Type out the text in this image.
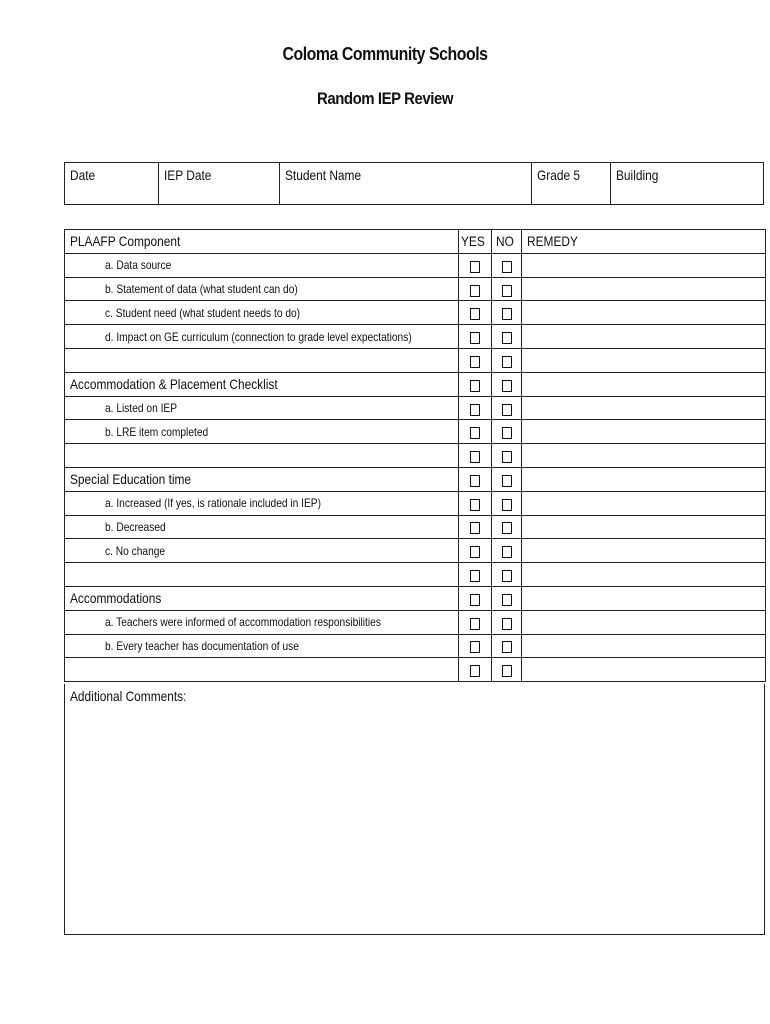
Coloma Community Schools
Random IEP Review
Date	IEP Date	Student Name	Grade 5	Building
PLAAFP Component	YES	NO	REMEDY
a. Data source			
b. Statement of data (what student can do)			
c. Student need (what student needs to do)			
d. Impact on GE curriculum (connection to grade level expectations)			

Accommodation & Placement Checklist			
a. Listed on IEP			
b. LRE item completed			

Special Education time			
a. Increased (If yes, is rationale included in IEP)			
b. Decreased			
c. No change			

Accommodations			
a. Teachers were informed of accommodation responsibilities			
b. Every teacher has documentation of use			

Additional Comments:
